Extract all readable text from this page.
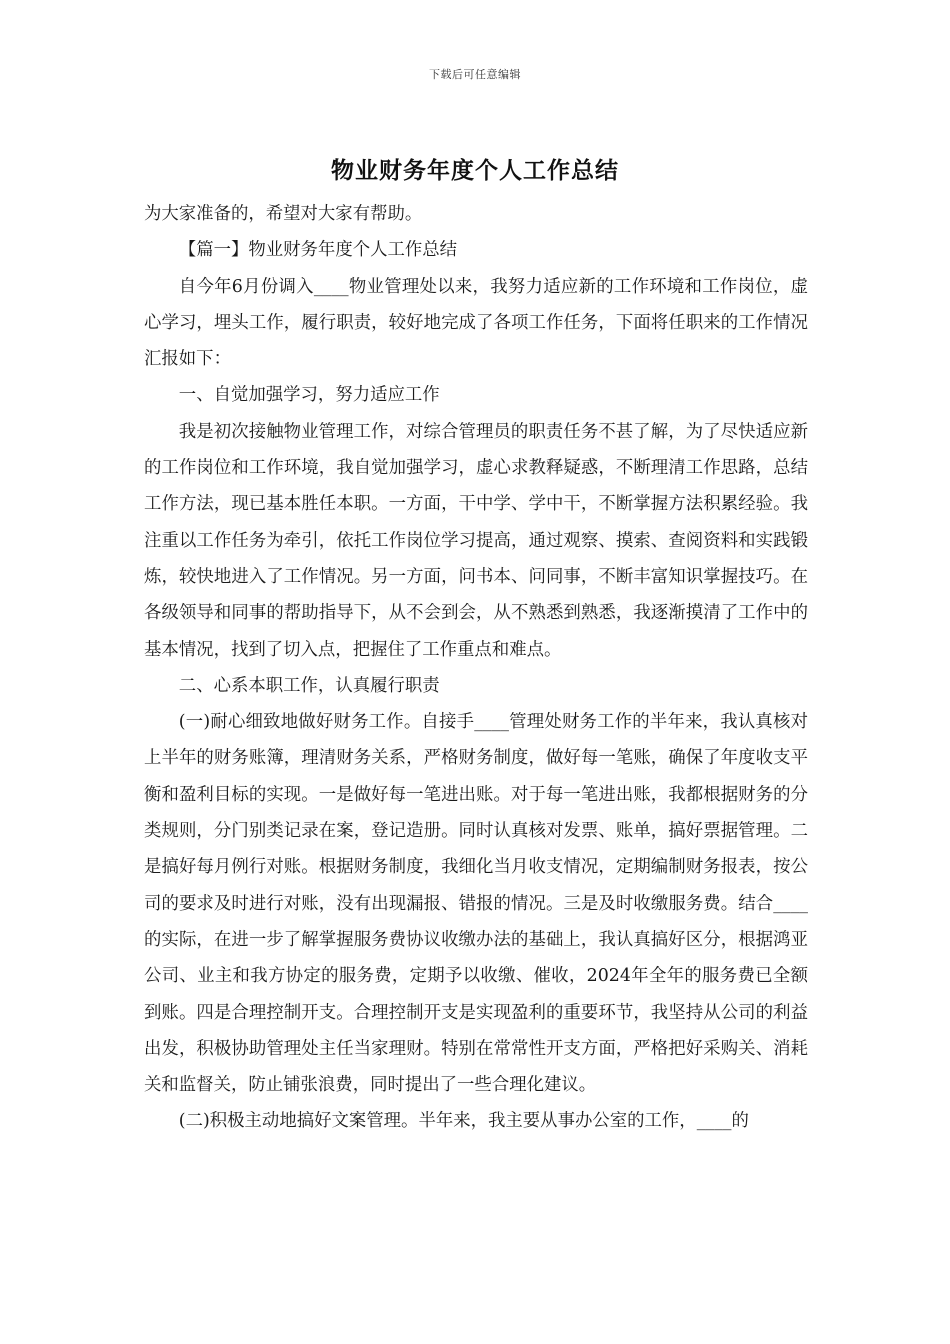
下载后可任意编辑
物业财务年度个人工作总结

为大家准备的，希望对大家有帮助。

【篇一】物业财务年度个人工作总结

自今年6月份调入____物业管理处以来，我努力适应新的工作环境和工作岗位，虚心学习，埋头工作，履行职责，较好地完成了各项工作任务，下面将任职来的工作情况汇报如下：

一、自觉加强学习，努力适应工作

我是初次接触物业管理工作，对综合管理员的职责任务不甚了解，为了尽快适应新的工作岗位和工作环境，我自觉加强学习，虚心求教释疑惑，不断理清工作思路，总结工作方法，现已基本胜任本职。一方面，干中学、学中干，不断掌握方法积累经验。我注重以工作任务为牵引，依托工作岗位学习提高，通过观察、摸索、查阅资料和实践锻炼，较快地进入了工作情况。另一方面，问书本、问同事，不断丰富知识掌握技巧。在各级领导和同事的帮助指导下，从不会到会，从不熟悉到熟悉，我逐渐摸清了工作中的基本情况，找到了切入点，把握住了工作重点和难点。

二、心系本职工作，认真履行职责

(一)耐心细致地做好财务工作。自接手____管理处财务工作的半年来，我认真核对上半年的财务账簿，理清财务关系，严格财务制度，做好每一笔账，确保了年度收支平衡和盈利目标的实现。一是做好每一笔进出账。对于每一笔进出账，我都根据财务的分类规则，分门别类记录在案，登记造册。同时认真核对发票、账单，搞好票据管理。二是搞好每月例行对账。根据财务制度，我细化当月收支情况，定期编制财务报表，按公司的要求及时进行对账，没有出现漏报、错报的情况。三是及时收缴服务费。结合____的实际，在进一步了解掌握服务费协议收缴办法的基础上，我认真搞好区分，根据鸿亚公司、业主和我方协定的服务费，定期予以收缴、催收，2024年全年的服务费已全额到账。四是合理控制开支。合理控制开支是实现盈利的重要环节，我坚持从公司的利益出发，积极协助管理处主任当家理财。特别在常常性开支方面，严格把好采购关、消耗关和监督关，防止铺张浪费，同时提出了一些合理化建议。

(二)积极主动地搞好文案管理。半年来，我主要从事办公室的工作，____的
